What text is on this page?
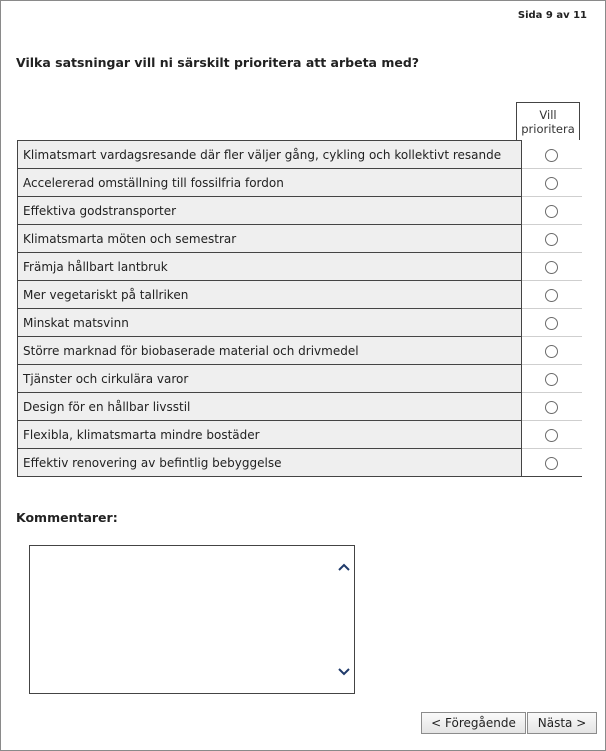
Sida 9 av 11
Vilka satsningar vill ni särskilt prioritera att arbeta med?
Vill
prioritera
Klimatsmart vardagsresande där fler väljer gång, cykling och kollektivt resande	
Accelererad omställning till fossilfria fordon	
Effektiva godstransporter	
Klimatsmarta möten och semestrar	
Främja hållbart lantbruk	
Mer vegetariskt på tallriken	
Minskat matsvinn	
Större marknad för biobaserade material och drivmedel	
Tjänster och cirkulära varor	
Design för en hållbar livsstil	
Flexibla, klimatsmarta mindre bostäder	
Effektiv renovering av befintlig bebyggelse	
Kommentarer:
< Föregående	Nästa >
